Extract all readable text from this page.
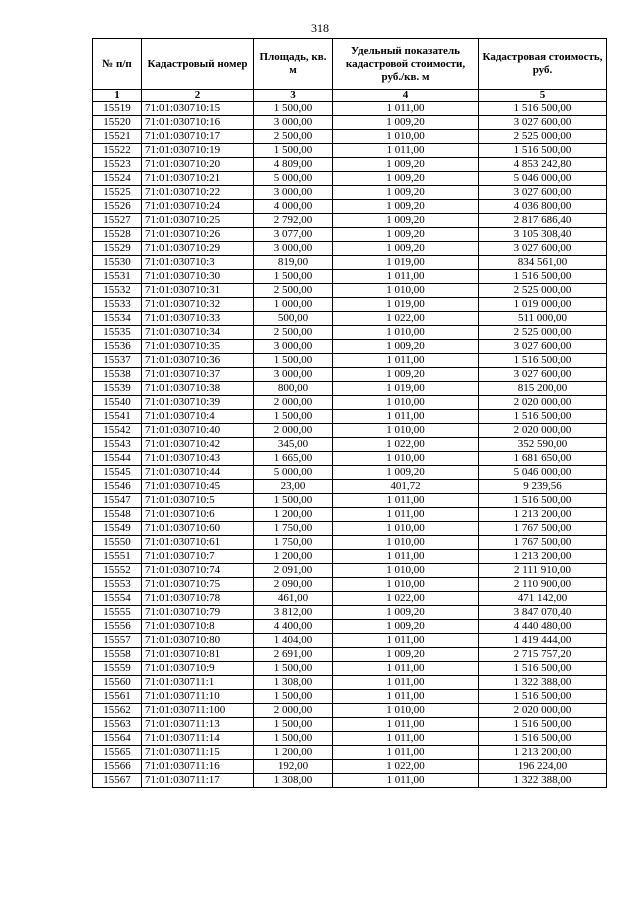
318
№ п/п	Кадастровый номер	Площадь, кв. м	Удельный показатель кадастровой стоимости, руб./кв. м	Кадастровая стоимость, руб.
1	2	3	4	5
15519	71:01:030710:15	1 500,00	1 011,00	1 516 500,00
15520	71:01:030710:16	3 000,00	1 009,20	3 027 600,00
15521	71:01:030710:17	2 500,00	1 010,00	2 525 000,00
15522	71:01:030710:19	1 500,00	1 011,00	1 516 500,00
15523	71:01:030710:20	4 809,00	1 009,20	4 853 242,80
15524	71:01:030710:21	5 000,00	1 009,20	5 046 000,00
15525	71:01:030710:22	3 000,00	1 009,20	3 027 600,00
15526	71:01:030710:24	4 000,00	1 009,20	4 036 800,00
15527	71:01:030710:25	2 792,00	1 009,20	2 817 686,40
15528	71:01:030710:26	3 077,00	1 009,20	3 105 308,40
15529	71:01:030710:29	3 000,00	1 009,20	3 027 600,00
15530	71:01:030710:3	819,00	1 019,00	834 561,00
15531	71:01:030710:30	1 500,00	1 011,00	1 516 500,00
15532	71:01:030710:31	2 500,00	1 010,00	2 525 000,00
15533	71:01:030710:32	1 000,00	1 019,00	1 019 000,00
15534	71:01:030710:33	500,00	1 022,00	511 000,00
15535	71:01:030710:34	2 500,00	1 010,00	2 525 000,00
15536	71:01:030710:35	3 000,00	1 009,20	3 027 600,00
15537	71:01:030710:36	1 500,00	1 011,00	1 516 500,00
15538	71:01:030710:37	3 000,00	1 009,20	3 027 600,00
15539	71:01:030710:38	800,00	1 019,00	815 200,00
15540	71:01:030710:39	2 000,00	1 010,00	2 020 000,00
15541	71:01:030710:4	1 500,00	1 011,00	1 516 500,00
15542	71:01:030710:40	2 000,00	1 010,00	2 020 000,00
15543	71:01:030710:42	345,00	1 022,00	352 590,00
15544	71:01:030710:43	1 665,00	1 010,00	1 681 650,00
15545	71:01:030710:44	5 000,00	1 009,20	5 046 000,00
15546	71:01:030710:45	23,00	401,72	9 239,56
15547	71:01:030710:5	1 500,00	1 011,00	1 516 500,00
15548	71:01:030710:6	1 200,00	1 011,00	1 213 200,00
15549	71:01:030710:60	1 750,00	1 010,00	1 767 500,00
15550	71:01:030710:61	1 750,00	1 010,00	1 767 500,00
15551	71:01:030710:7	1 200,00	1 011,00	1 213 200,00
15552	71:01:030710:74	2 091,00	1 010,00	2 111 910,00
15553	71:01:030710:75	2 090,00	1 010,00	2 110 900,00
15554	71:01:030710:78	461,00	1 022,00	471 142,00
15555	71:01:030710:79	3 812,00	1 009,20	3 847 070,40
15556	71:01:030710:8	4 400,00	1 009,20	4 440 480,00
15557	71:01:030710:80	1 404,00	1 011,00	1 419 444,00
15558	71:01:030710:81	2 691,00	1 009,20	2 715 757,20
15559	71:01:030710:9	1 500,00	1 011,00	1 516 500,00
15560	71:01:030711:1	1 308,00	1 011,00	1 322 388,00
15561	71:01:030711:10	1 500,00	1 011,00	1 516 500,00
15562	71:01:030711:100	2 000,00	1 010,00	2 020 000,00
15563	71:01:030711:13	1 500,00	1 011,00	1 516 500,00
15564	71:01:030711:14	1 500,00	1 011,00	1 516 500,00
15565	71:01:030711:15	1 200,00	1 011,00	1 213 200,00
15566	71:01:030711:16	192,00	1 022,00	196 224,00
15567	71:01:030711:17	1 308,00	1 011,00	1 322 388,00
